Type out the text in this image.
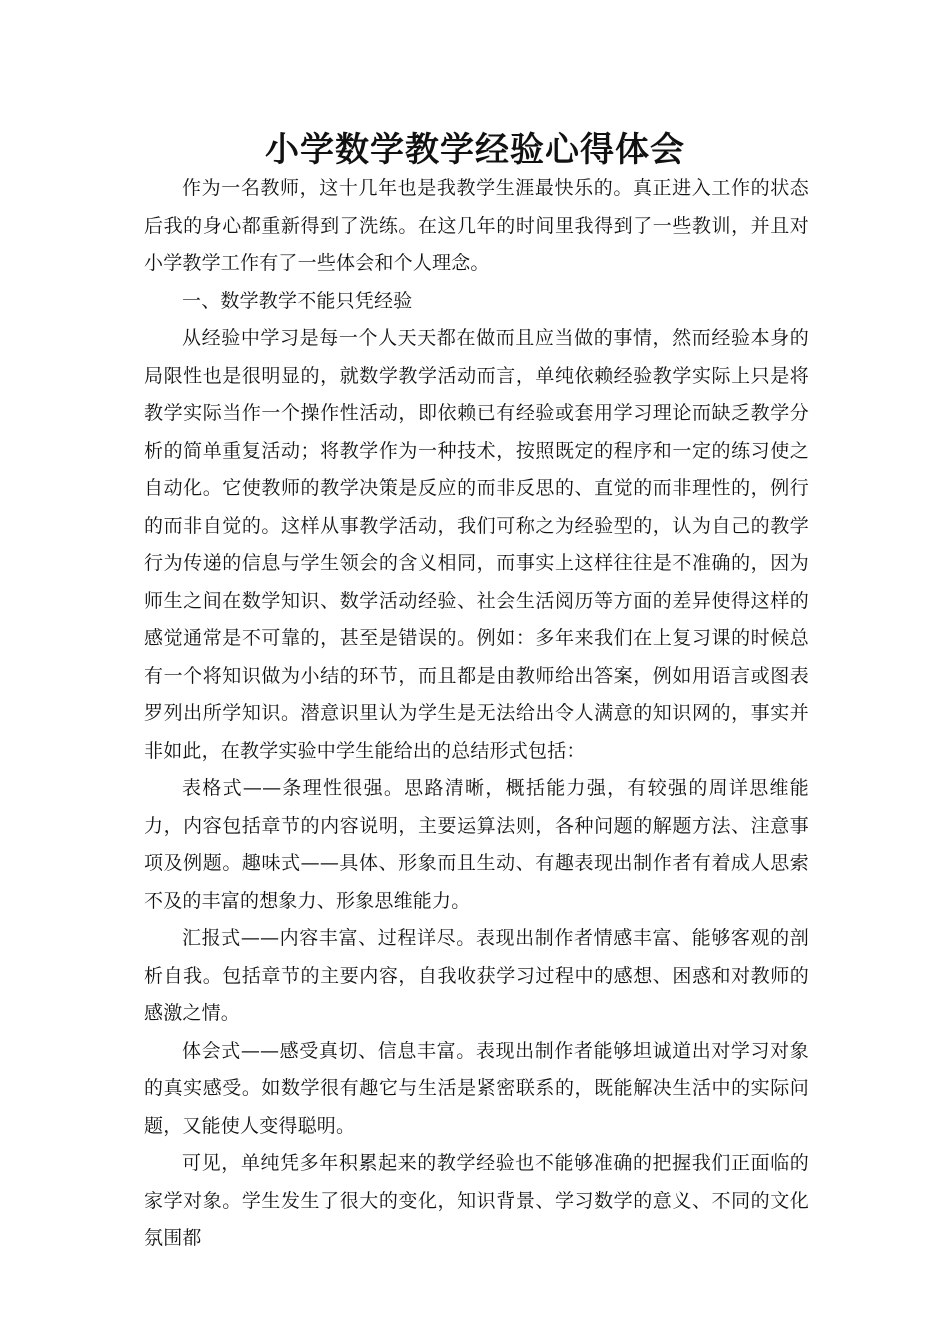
小学数学教学经验心得体会

作为一名教师，这十几年也是我教学生涯最快乐的。真正进入工作的状态后我的身心都重新得到了洗练。在这几年的时间里我得到了一些教训，并且对小学教学工作有了一些体会和个人理念。

一、数学教学不能只凭经验

从经验中学习是每一个人天天都在做而且应当做的事情，然而经验本身的局限性也是很明显的，就数学教学活动而言，单纯依赖经验教学实际上只是将教学实际当作一个操作性活动，即依赖已有经验或套用学习理论而缺乏教学分析的简单重复活动；将教学作为一种技术，按照既定的程序和一定的练习使之自动化。它使教师的教学决策是反应的而非反思的、直觉的而非理性的，例行的而非自觉的。这样从事教学活动，我们可称之为经验型的，认为自己的教学行为传递的信息与学生领会的含义相同，而事实上这样往往是不准确的，因为师生之间在数学知识、数学活动经验、社会生活阅历等方面的差异使得这样的感觉通常是不可靠的，甚至是错误的。例如：多年来我们在上复习课的时候总有一个将知识做为小结的环节，而且都是由教师给出答案，例如用语言或图表罗列出所学知识。潜意识里认为学生是无法给出令人满意的知识网的，事实并非如此，在教学实验中学生能给出的总结形式包括：

表格式——条理性很强。思路清晰，概括能力强，有较强的周详思维能力，内容包括章节的内容说明，主要运算法则，各种问题的解题方法、注意事项及例题。趣味式——具体、形象而且生动、有趣表现出制作者有着成人思索不及的丰富的想象力、形象思维能力。

汇报式——内容丰富、过程详尽。表现出制作者情感丰富、能够客观的剖析自我。包括章节的主要内容，自我收获学习过程中的感想、困惑和对教师的感激之情。

体会式——感受真切、信息丰富。表现出制作者能够坦诚道出对学习对象的真实感受。如数学很有趣它与生活是紧密联系的，既能解决生活中的实际问题，又能使人变得聪明。

可见，单纯凭多年积累起来的教学经验也不能够准确的把握我们正面临的家学对象。学生发生了很大的变化，知识背景、学习数学的意义、不同的文化氛围都
